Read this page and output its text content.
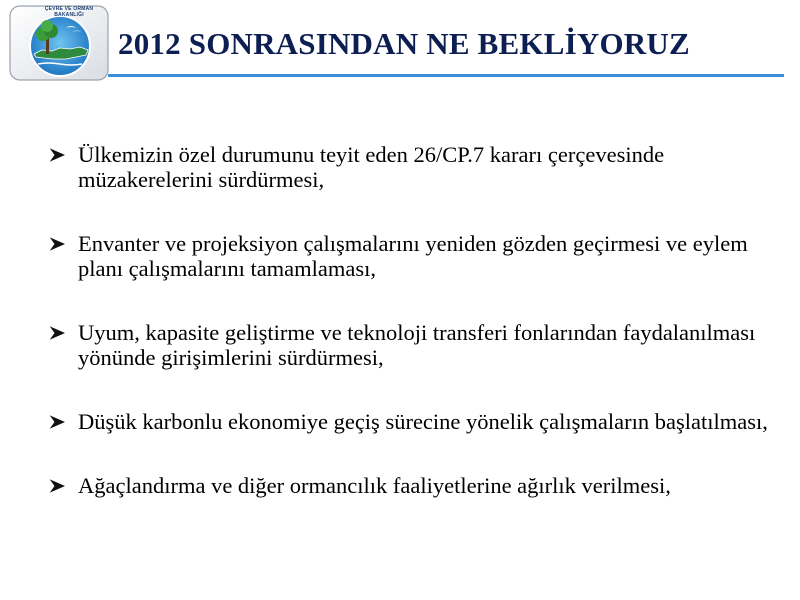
ÇEVRE VE ORMAN
BAKANLIĞI
2012 SONRASINDAN NE BEKLİYORUZ
Ülkemizin özel durumunu teyit eden 26/CP.7 kararı çerçevesinde müzakerelerini sürdürmesi,
Envanter ve projeksiyon çalışmalarını yeniden gözden geçirmesi ve eylem planı çalışmalarını tamamlaması,
Uyum, kapasite geliştirme ve teknoloji transferi fonlarından faydalanılması yönünde girişimlerini sürdürmesi,
Düşük karbonlu ekonomiye geçiş sürecine yönelik çalışmaların başlatılması,
Ağaçlandırma ve diğer ormancılık faaliyetlerine ağırlık verilmesi,
